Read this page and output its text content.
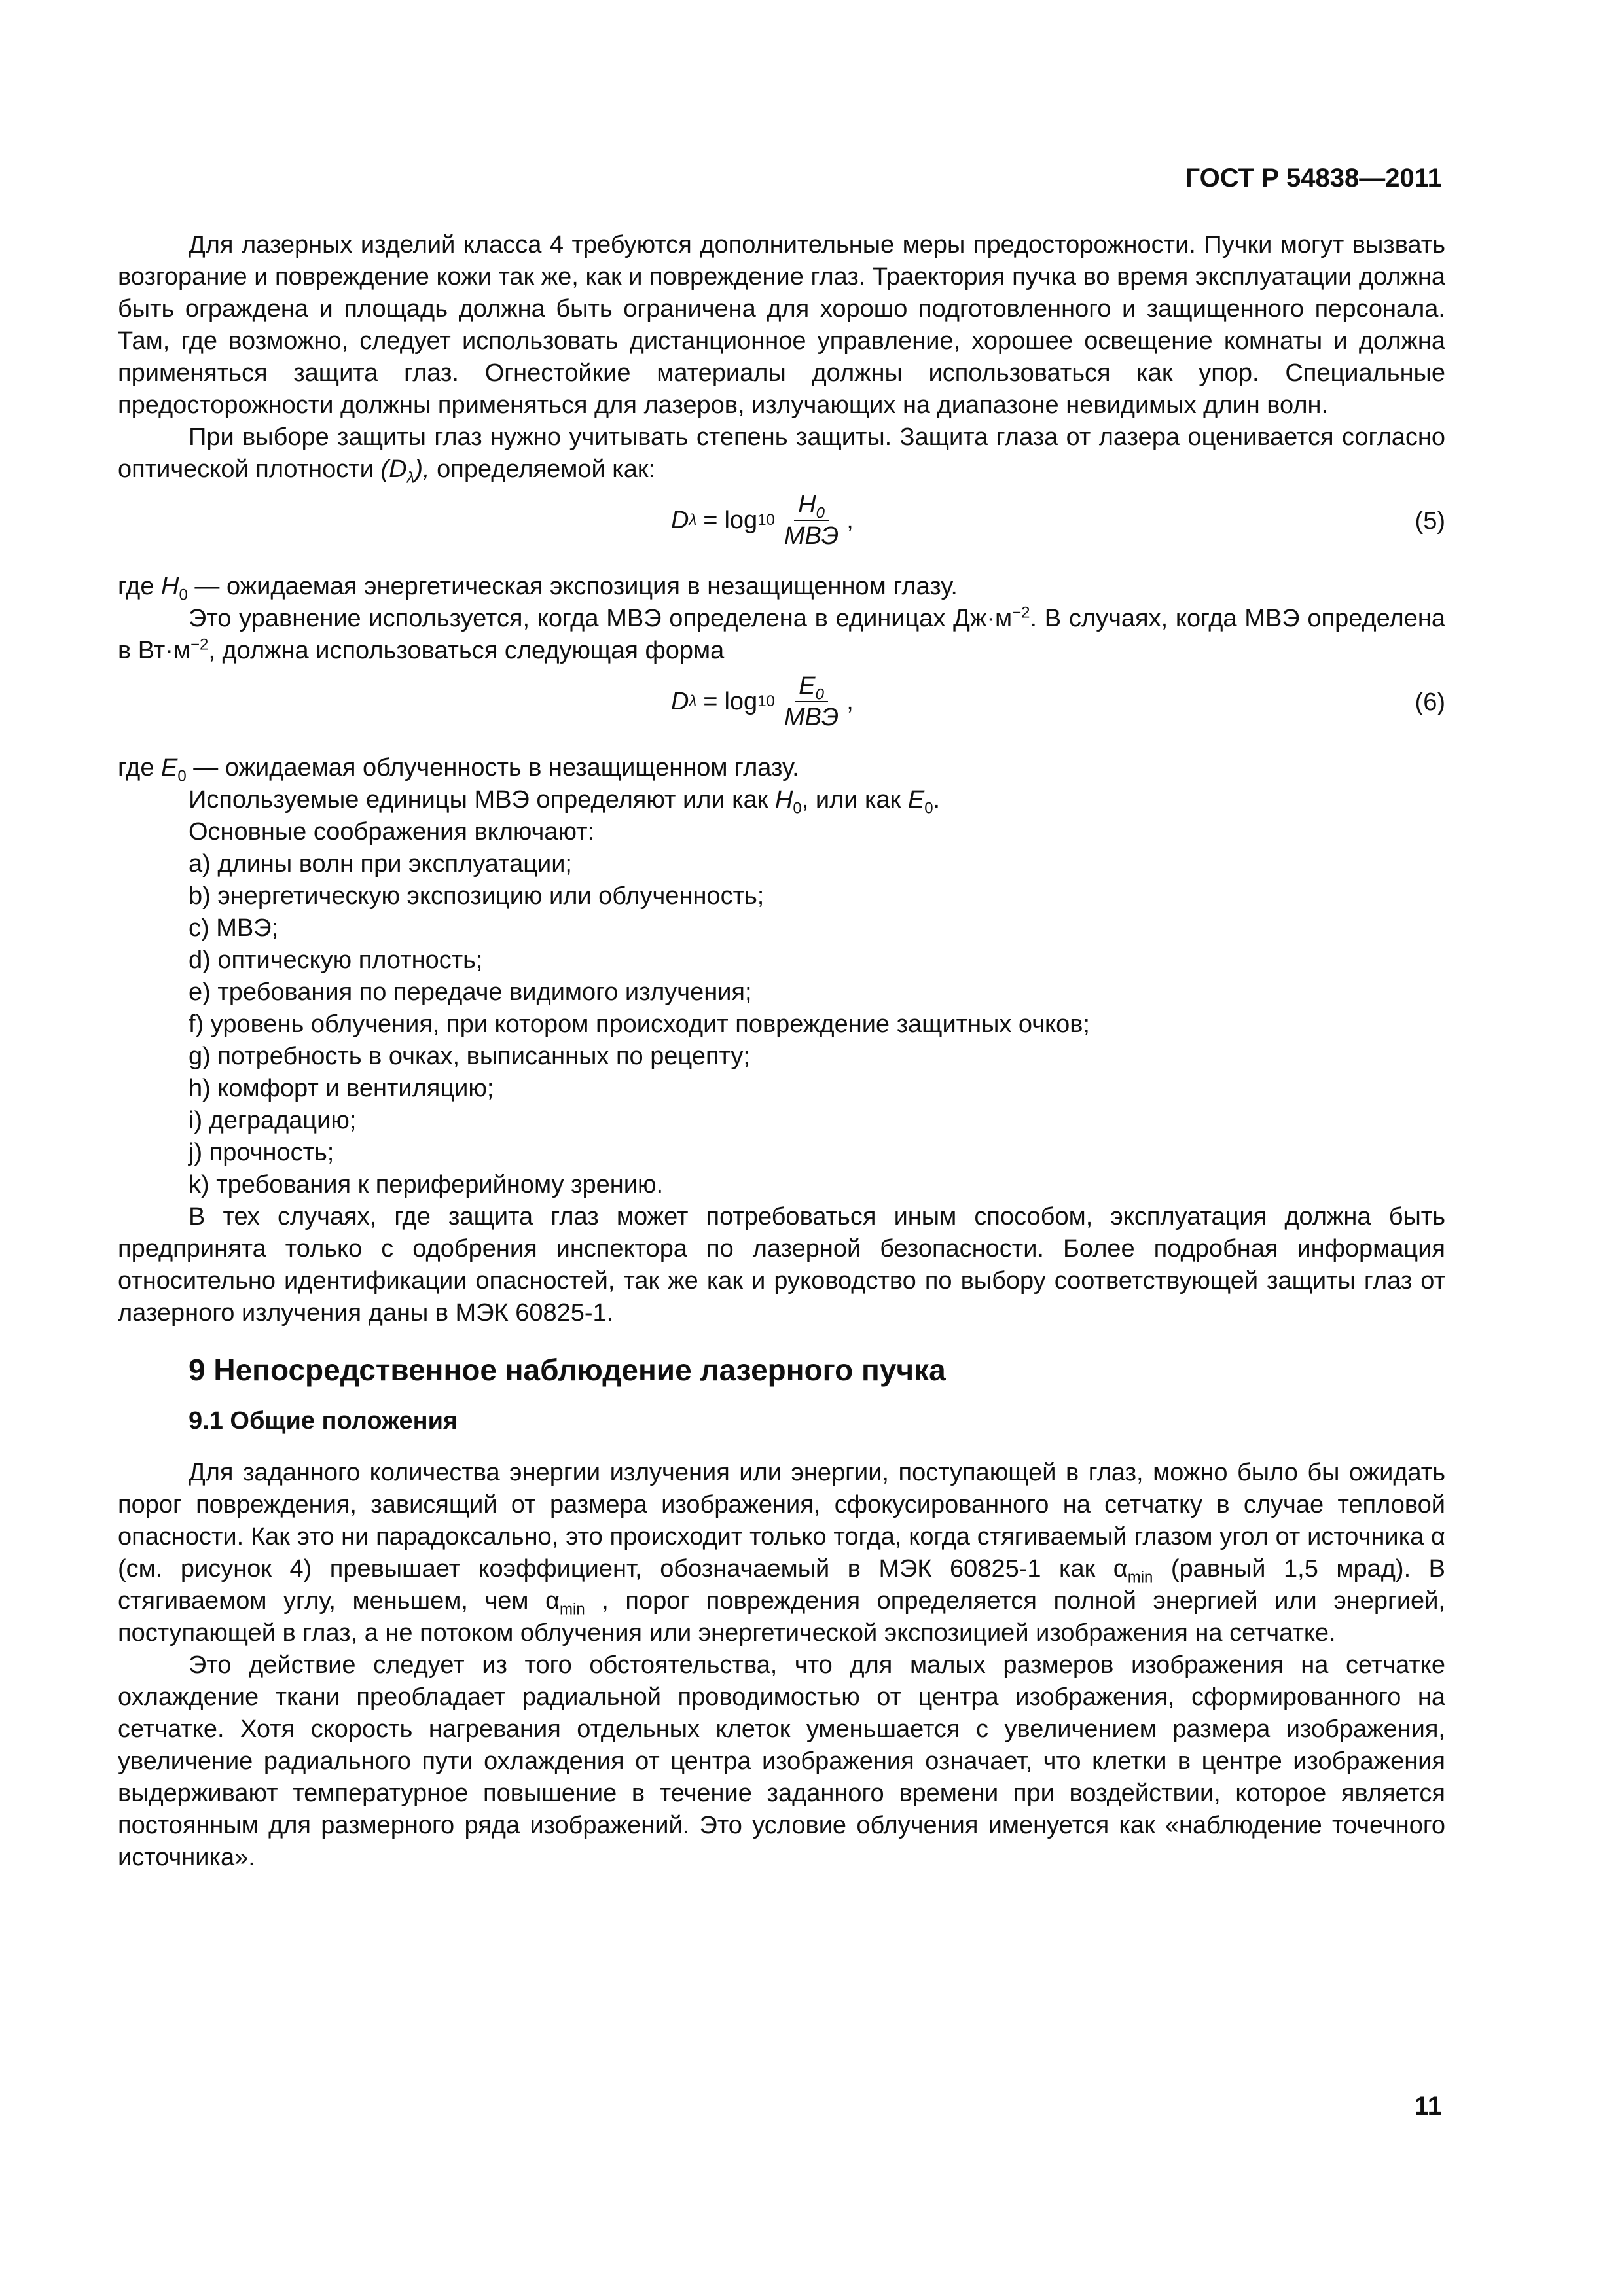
ГОСТ Р 54838—2011

Для лазерных изделий класса 4 требуются дополнительные меры предосторожности. Пучки могут вызвать возгорание и повреждение кожи так же, как и повреждение глаз. Траектория пучка во время эксплуатации должна быть ограждена и площадь должна быть ограничена для хорошо подготовленного и защищенного персонала. Там, где возможно, следует использовать дистанционное управление, хорошее освещение комнаты и должна применяться защита глаз. Огнестойкие материалы должны использоваться как упор. Специальные предосторожности должны применяться для лазеров, излучающих на диапазоне невидимых длин волн.

При выборе защиты глаз нужно учитывать степень защиты. Защита глаза от лазера оценивается согласно оптической плотности $(D_\lambda)$, определяемой как:

D $\lambda = \log 10 \frac{H_0}{\text{МВЭ}}$ ,	(5)

где $H_0$ — ожидаемая энергетическая экспозиция в незащищенном глазу.

Это уравнение используется, когда МВЭ определена в единицах $Дж\cdot м^{-2}$. В случаях, когда МВЭ определена в $Вт\cdot м^{-2}$, должна использоваться следующая форма

D $\lambda = \log 10 \frac{E_0}{\text{МВЭ}}$ ,	(6)

где $E_0$ — ожидаемая облученность в незащищенном глазу.

Используемые единицы МВЭ определяют или как $H_0$, или как $E_0$.

Основные соображения включают:

a) длины волн при эксплуатации;

b) энергетическую экспозицию или облученность;

c) МВЭ;

d) оптическую плотность;

e) требования по передаче видимого излучения;

f) уровень облучения, при котором происходит повреждение защитных очков;

g) потребность в очках, выписанных по рецепту;

h) комфорт и вентиляцию;

i) деградацию;

j) прочность;

k) требования к периферийному зрению.

В тех случаях, где защита глаз может потребоваться иным способом, эксплуатация должна быть предпринята только с одобрения инспектора по лазерной безопасности. Более подробная информация относительно идентификации опасностей, так же как и руководство по выбору соответствующей защиты глаз от лазерного излучения даны в МЭК 60825-1.

9 Непосредственное наблюдение лазерного пучка
9.1 Общие положения

Для заданного количества энергии излучения или энергии, поступающей в глаз, можно было бы ожидать порог повреждения, зависящий от размера изображения, сфокусированного на сетчатку в случае тепловой опасности. Как это ни парадоксально, это происходит только тогда, когда стягиваемый глазом угол от источника α (см. рисунок 4) превышает коэффициент, обозначаемый в МЭК 60825-1 как $\alpha_{min}$ (равный 1,5 мрад). В стягиваемом углу, меньшем, чем $\alpha_{min}$ , порог повреждения определяется полной энергией или энергией, поступающей в глаз, а не потоком облучения или энергетической экспозицией изображения на сетчатке.

Это действие следует из того обстоятельства, что для малых размеров изображения на сетчатке охлаждение ткани преобладает радиальной проводимостью от центра изображения, сформированного на сетчатке. Хотя скорость нагревания отдельных клеток уменьшается с увеличением размера изображения, увеличение радиального пути охлаждения от центра изображения означает, что клетки в центре изображения выдерживают температурное повышение в течение заданного времени при воздействии, которое является постоянным для размерного ряда изображений. Это условие облучения именуется как «наблюдение точечного источника».

11
